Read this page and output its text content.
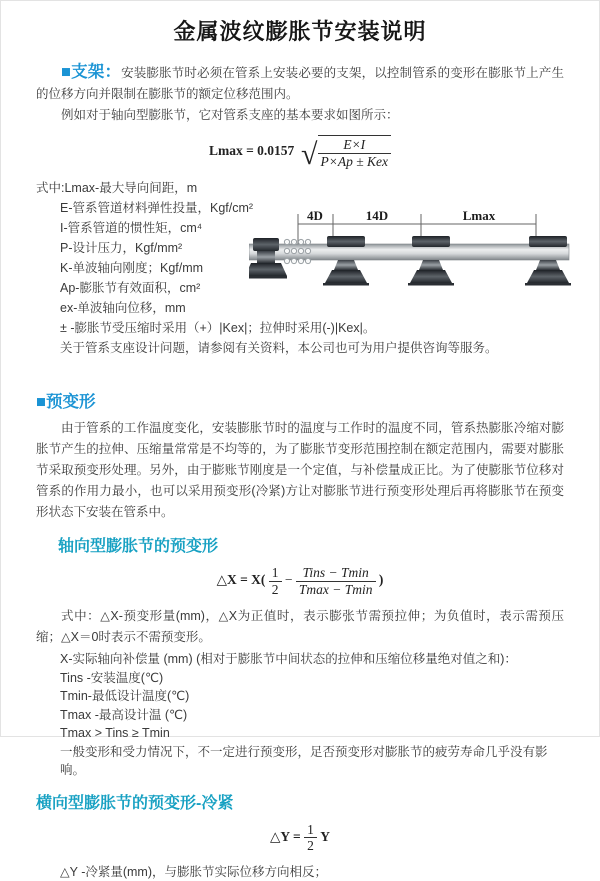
金属波纹膨胀节安装说明

■支架：安装膨胀节时必须在管系上安装必要的支架，以控制管系的变形在膨胀节上产生的位移方向并限制在膨胀节的额定位移范围内。

例如对于轴向型膨胀节，它对管系支座的基本要求如图所示：

Lmax = 0.0157 √ $\frac{E\times I}{\text{P×Ap ± Kex}}$
式中:Lmax-最大导向间距，m
E-管系管道材料弹性投量，Kgf/cm²
I-管系管道的惯性矩，cm⁴
P-设计压力，Kgf/mm²
K-单波轴向刚度；Kgf/mm
Ap-膨胀节有效面积，cm²
ex-单波轴向位移，mm
± -膨胀节受压缩时采用（+）|Kex|；拉伸时采用(-)|Kex|。
关于管系支座设计问题，请参阅有关资料，本公司也可为用户提供咨询等服务。
4D	14D	Lmax
■预变形

由于管系的工作温度变化，安装膨胀节时的温度与工作时的温度不同，管系热膨胀冷缩对膨胀节产生的拉伸、压缩量常常是不均等的，为了膨胀节变形范围控制在额定范围内，需要对膨胀节采取预变形处理。另外，由于膨账节刚度是一个定值，与补偿量成正比。为了使膨胀节位移对管系的作用力最小，也可以采用预变形(冷紧)方让对膨胀节进行预变形处理后再将膨胀节在预变形状态下安装在管系中。

轴向型膨胀节的预变形
△X = $X( \frac{1}{2} - \frac{\text{Tins − Tmin}}{Tmax - Tmin}$ )

式中：△X-预变形量(mm)，△X为正值时，表示膨张节需预拉伸；为负值时，表示需预压缩；△X＝0时表示不需预变形。

X-实际轴向补偿量 (mm) (相对于膨胀节中间状态的拉伸和压缩位移量绝对值之和)：
Tins -安装温度(℃)
Tmin-最低设计温度(℃)
Tmax -最高设计温 (℃)
Tmax > Tins ≥ Tmin
一般变形和受力情况下，不一定进行预变形，足否预变形对膨胀节的疲劳寿命几乎没有影响。
横向型膨胀节的预变形-冷紧
△Y = $\frac{1}{2}$ Y
△Y -冷紧量(mm)，与膨胀节实际位移方向相反；
